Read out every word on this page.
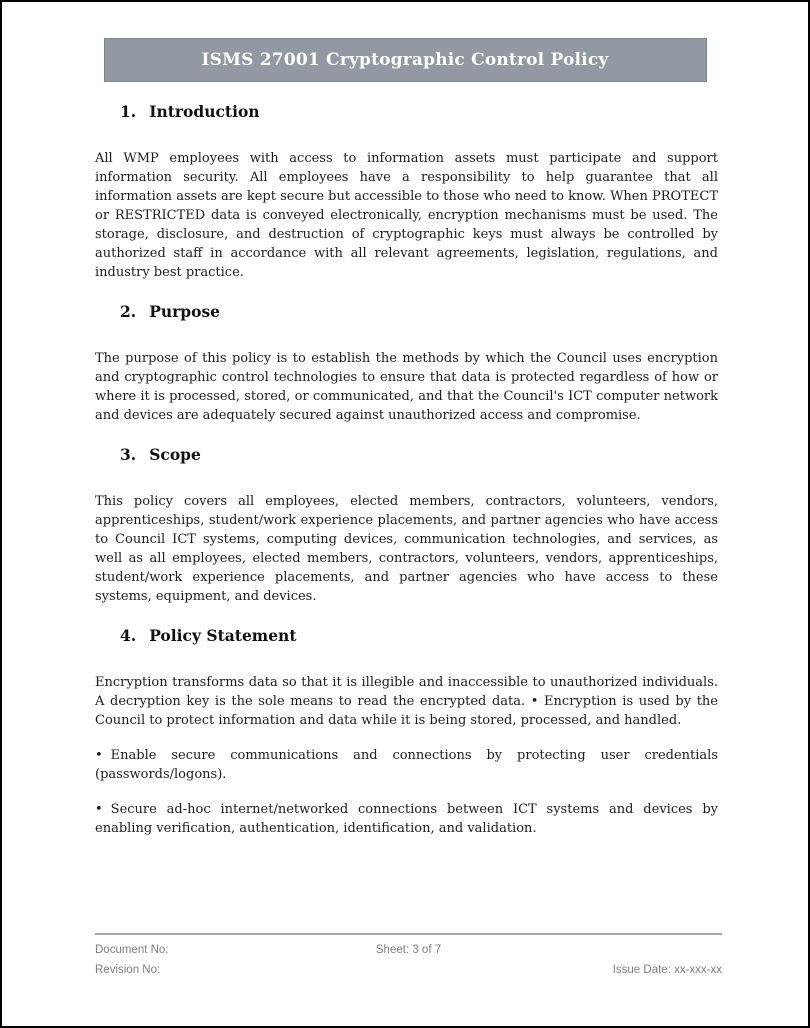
ISMS 27001 Cryptographic Control Policy
1. Introduction

All WMP employees with access to information assets must participate and support information security. All employees have a responsibility to help guarantee that all information assets are kept secure but accessible to those who need to know. When PROTECT or RESTRICTED data is conveyed electronically, encryption mechanisms must be used. The storage, disclosure, and destruction of cryptographic keys must always be controlled by authorized staff in accordance with all relevant agreements, legislation, regulations, and industry best practice.

2. Purpose

The purpose of this policy is to establish the methods by which the Council uses encryption and cryptographic control technologies to ensure that data is protected regardless of how or where it is processed, stored, or communicated, and that the Council's ICT computer network and devices are adequately secured against unauthorized access and compromise.

3. Scope

This policy covers all employees, elected members, contractors, volunteers, vendors, apprenticeships, student/work experience placements, and partner agencies who have access to Council ICT systems, computing devices, communication technologies, and services, as well as all employees, elected members, contractors, volunteers, vendors, apprenticeships, student/work experience placements, and partner agencies who have access to these systems, equipment, and devices.

4. Policy Statement

Encryption transforms data so that it is illegible and inaccessible to unauthorized individuals. A decryption key is the sole means to read the encrypted data. • Encryption is used by the Council to protect information and data while it is being stored, processed, and handled.

• Enable secure communications and connections by protecting user credentials (passwords/logons).

• Secure ad-hoc internet/networked connections between ICT systems and devices by enabling verification, authentication, identification, and validation.

Document No:	Sheet: 3 of 7
Revision No:	Issue Date: xx-xxx-xx
